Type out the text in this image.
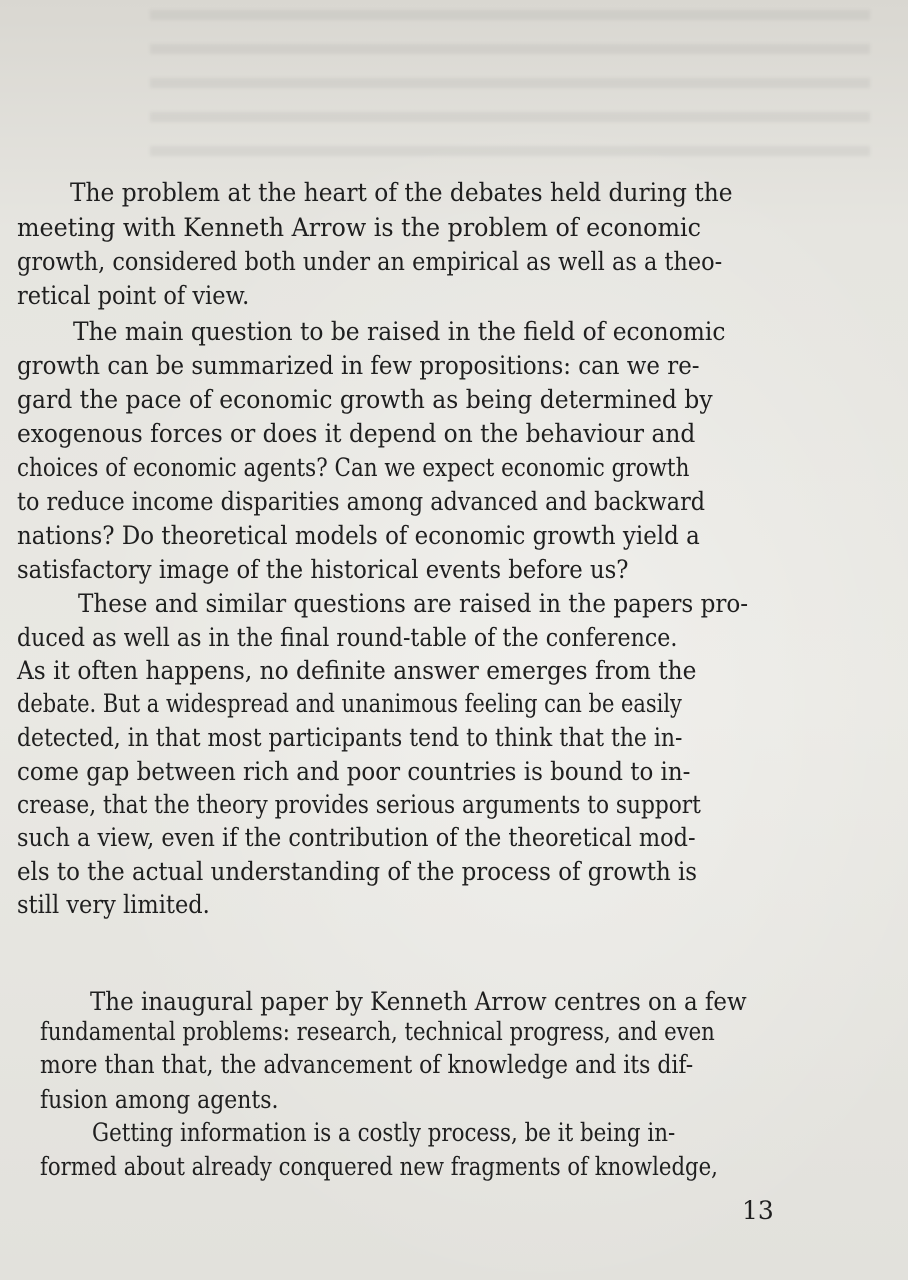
The problem at the heart of the debates held during the

meeting with Kenneth Arrow is the problem of economic

growth, considered both under an empirical as well as a theo-

retical point of view.

The main question to be raised in the field of economic

growth can be summarized in few propositions: can we re-

gard the pace of economic growth as being determined by

exogenous forces or does it depend on the behaviour and

choices of economic agents? Can we expect economic growth

to reduce income disparities among advanced and backward

nations? Do theoretical models of economic growth yield a

satisfactory image of the historical events before us?

These and similar questions are raised in the papers pro-

duced as well as in the final round-table of the conference.

As it often happens, no definite answer emerges from the

debate. But a widespread and unanimous feeling can be easily

detected, in that most participants tend to think that the in-

come gap between rich and poor countries is bound to in-

crease, that the theory provides serious arguments to support

such a view, even if the contribution of the theoretical mod-

els to the actual understanding of the process of growth is

still very limited.

The inaugural paper by Kenneth Arrow centres on a few

fundamental problems: research, technical progress, and even

more than that, the advancement of knowledge and its dif-

fusion among agents.

Getting information is a costly process, be it being in-

formed about already conquered new fragments of knowledge,

13
